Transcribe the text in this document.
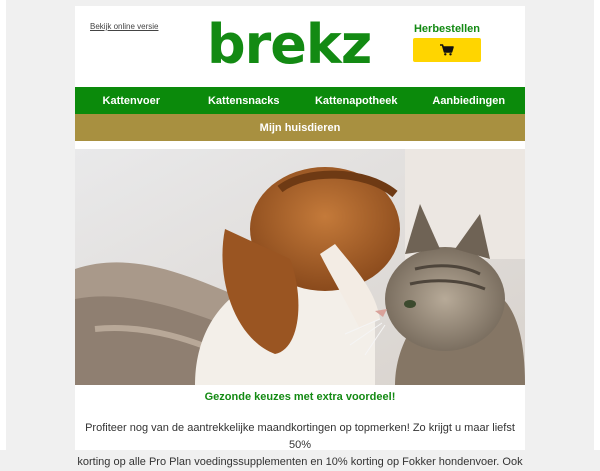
Bekijk online versie brekz	Herbestellen
Kattenvoer	Kattensnacks	Kattenapotheek	Aanbiedingen
Mijn huisdieren
Gezonde keuzes met extra voordeel!
Profiteer nog van de aantrekkelijke maandkortingen op topmerken! Zo krijgt u maar liefst 50%
korting op alle Pro Plan voedingssupplementen en 10% korting op Fokker hondenvoer. Ook
